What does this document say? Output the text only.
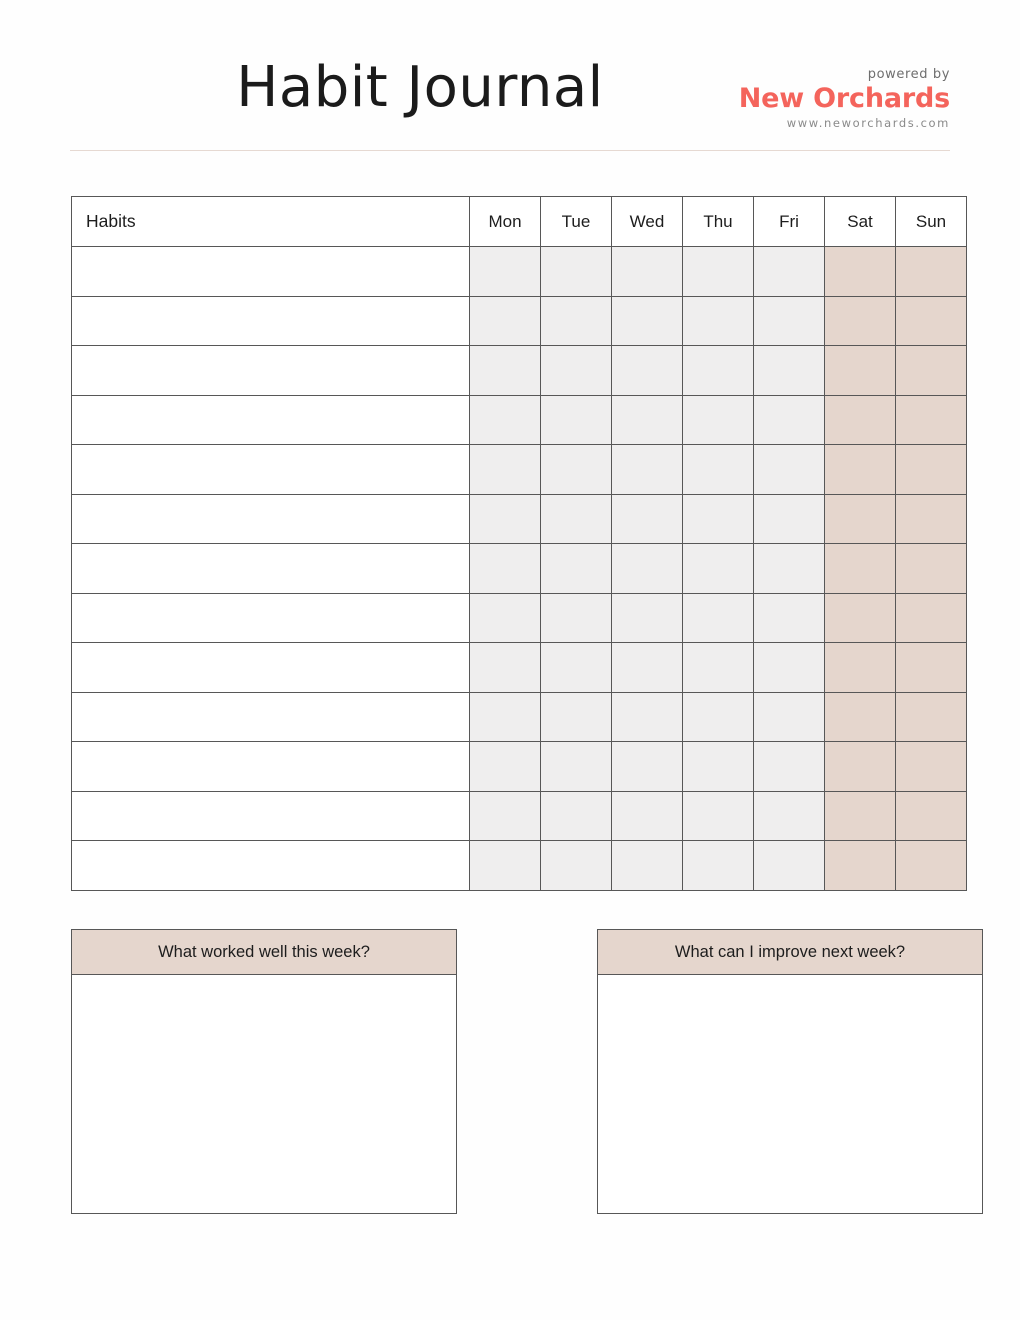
Habit Journal	powered by
New Orchards
www.neworchards.com
Habits	Mon	Tue	Wed	Thu	Fri	Sat	Sun

What worked well this week?	What can I improve next week?
